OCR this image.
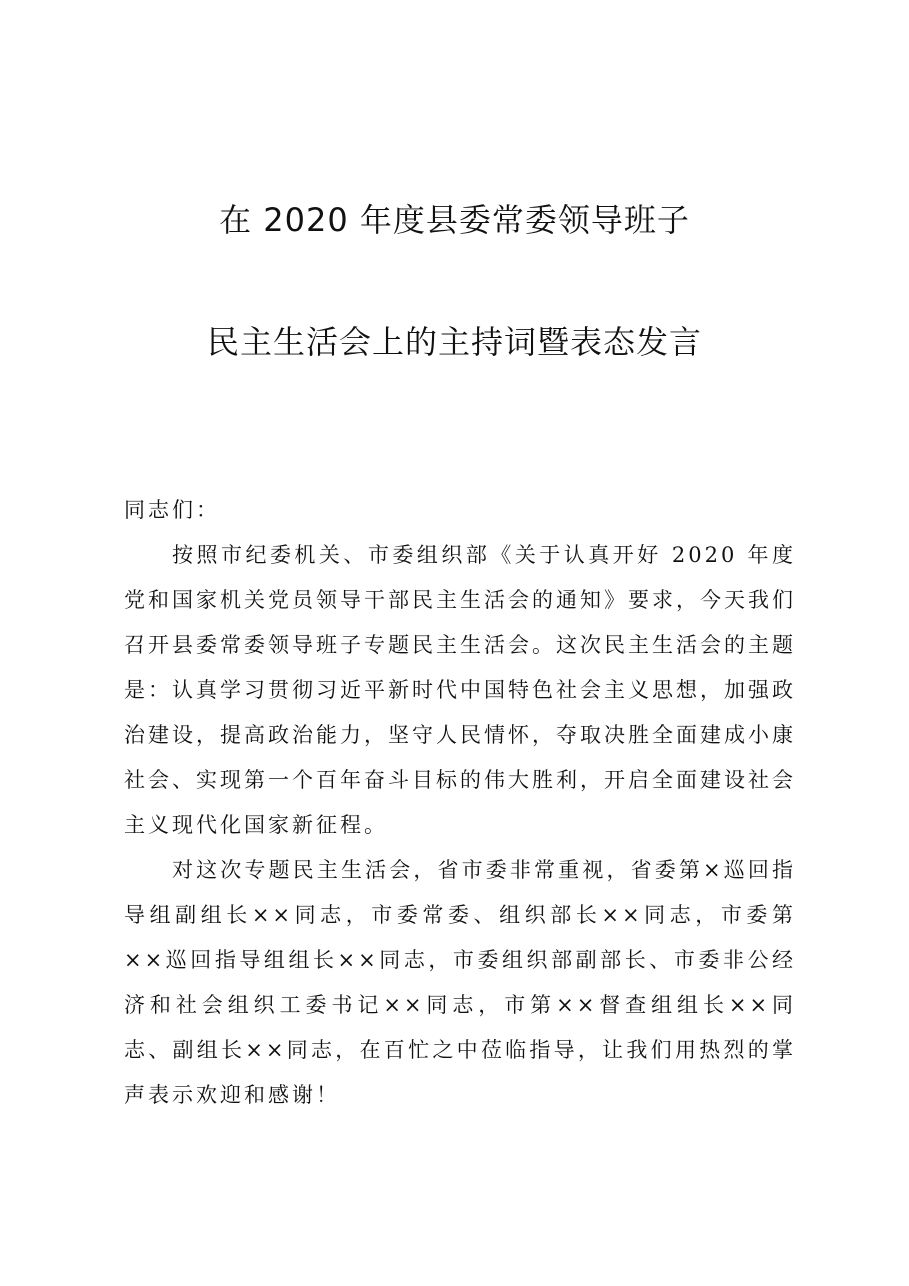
在 2020 年度县委常委领导班子
民主生活会上的主持词暨表态发言
同志们：

按照市纪委机关、市委组织部《关于认真开好 2020 年度党和国家机关党员领导干部民主生活会的通知》要求，今天我们召开县委常委领导班子专题民主生活会。这次民主生活会的主题是：认真学习贯彻习近平新时代中国特色社会主义思想，加强政治建设，提高政治能力，坚守人民情怀，夺取决胜全面建成小康社会、实现第一个百年奋斗目标的伟大胜利，开启全面建设社会主义现代化国家新征程。

对这次专题民主生活会，省市委非常重视，省委第×巡回指导组副组长××同志，市委常委、组织部长××同志，市委第××巡回指导组组长××同志，市委组织部副部长、市委非公经济和社会组织工委书记××同志，市第××督查组组长××同志、副组长××同志，在百忙之中莅临指导，让我们用热烈的掌声表示欢迎和感谢！
